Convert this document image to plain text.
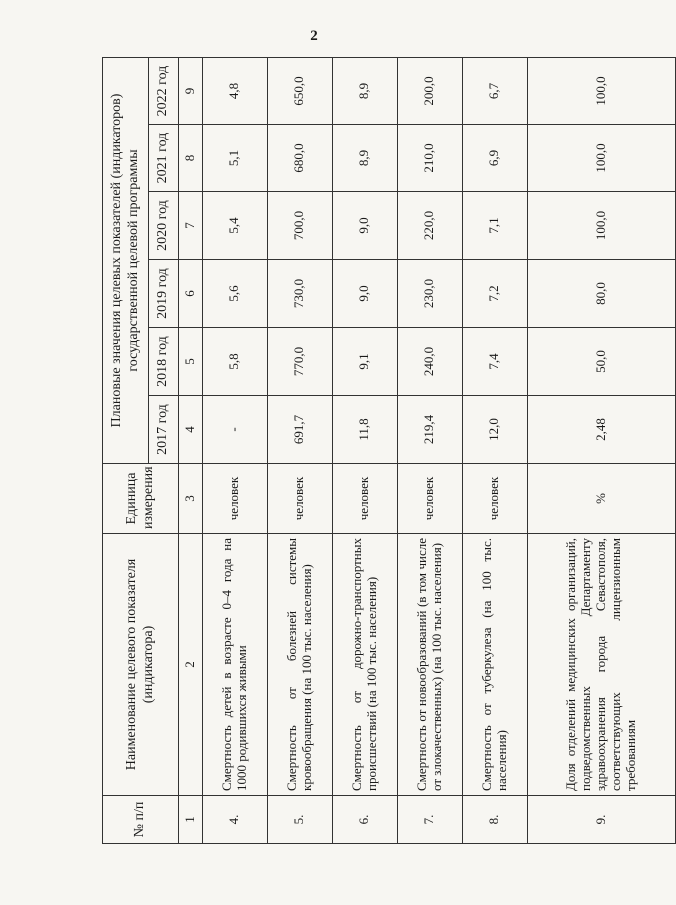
2
№ п/п	Наименование целевого показателя (индикатора)	Единица измерения	Плановые значения целевых показателей (индикаторов) государственной целевой программы					
			2017 год	2018 год	2019 год	2020 год	2021 год	2022 год
1	2	3	4	5	6	7	8	9
4.	Смертность детей в возрасте 0–4 года на 1000 родившихся живыми	человек	-	5,8	5,6	5,4	5,1	4,8
5.	Смертность от болезней системы кровообращения (на 100 тыс. населения)	человек	691,7	770,0	730,0	700,0	680,0	650,0
6.	Смертность от дорожно-транспортных происшествий (на 100 тыс. населения)	человек	11,8	9,1	9,0	9,0	8,9	8,9
7.	Смертность от новообразований (в том числе от злокачественных) (на 100 тыс. населения)	человек	219,4	240,0	230,0	220,0	210,0	200,0
8.	Смертность от туберкулеза (на 100 тыс. населения)	человек	12,0	7,4	7,2	7,1	6,9	6,7
9.	Доля отделений медицинских организаций, подведомственных Департаменту здравоохранения города Севастополя, соответствующих лицензионным требованиям	%	2,48	50,0	80,0	100,0	100,0	100,0
